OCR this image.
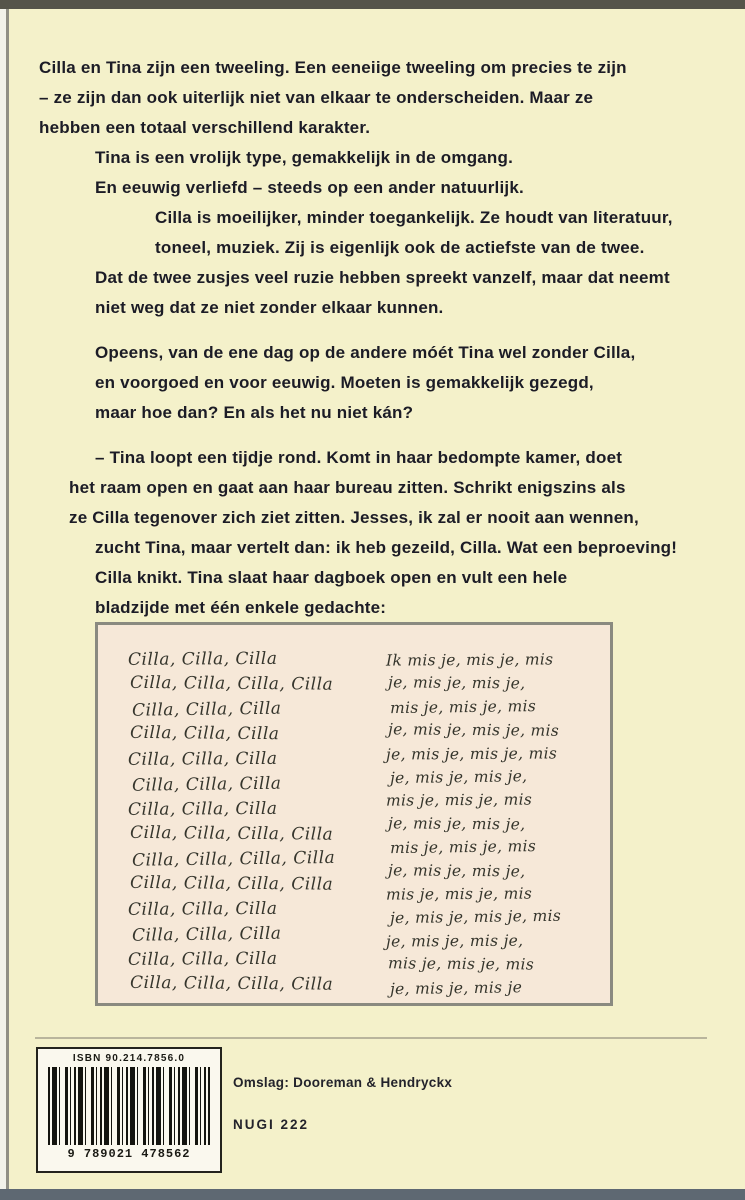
Cilla en Tina zijn een tweeling. Een eeneiige tweeling om precies te zijn

– ze zijn dan ook uiterlijk niet van elkaar te onderscheiden. Maar ze

hebben een totaal verschillend karakter.

Tina is een vrolijk type, gemakkelijk in de omgang.

En eeuwig verliefd – steeds op een ander natuurlijk.

Cilla is moeilijker, minder toegankelijk. Ze houdt van literatuur,

toneel, muziek. Zij is eigenlijk ook de actiefste van de twee.

Dat de twee zusjes veel ruzie hebben spreekt vanzelf, maar dat neemt

niet weg dat ze niet zonder elkaar kunnen.

Opeens, van de ene dag op de andere móét Tina wel zonder Cilla,

en voorgoed en voor eeuwig. Moeten is gemakkelijk gezegd,

maar hoe dan? En als het nu niet kán?

– Tina loopt een tijdje rond. Komt in haar bedompte kamer, doet

het raam open en gaat aan haar bureau zitten. Schrikt enigszins als

ze Cilla tegenover zich ziet zitten. Jesses, ik zal er nooit aan wennen,

zucht Tina, maar vertelt dan: ik heb gezeild, Cilla. Wat een beproeving!

Cilla knikt. Tina slaat haar dagboek open en vult een hele

bladzijde met één enkele gedachte:

Cilla, Cilla, Cilla
Cilla, Cilla, Cilla, Cilla
Cilla, Cilla, Cilla
Cilla, Cilla, Cilla
Cilla, Cilla, Cilla
Cilla, Cilla, Cilla
Cilla, Cilla, Cilla
Cilla, Cilla, Cilla, Cilla
Cilla, Cilla, Cilla, Cilla
Cilla, Cilla, Cilla, Cilla
Cilla, Cilla, Cilla
Cilla, Cilla, Cilla
Cilla, Cilla, Cilla
Cilla, Cilla, Cilla, Cilla
Ik mis je, mis je, mis
je, mis je, mis je,
mis je, mis je, mis
je, mis je, mis je, mis
je, mis je, mis je, mis
je, mis je, mis je,
mis je, mis je, mis
je, mis je, mis je,
mis je, mis je, mis
je, mis je, mis je,
mis je, mis je, mis
je, mis je, mis je, mis
je, mis je, mis je,
mis je, mis je, mis
je, mis je, mis je
ISBN 90.214.7856.0
9 789021 478562
Omslag: Dooreman & Hendryckx
NUGI 222
